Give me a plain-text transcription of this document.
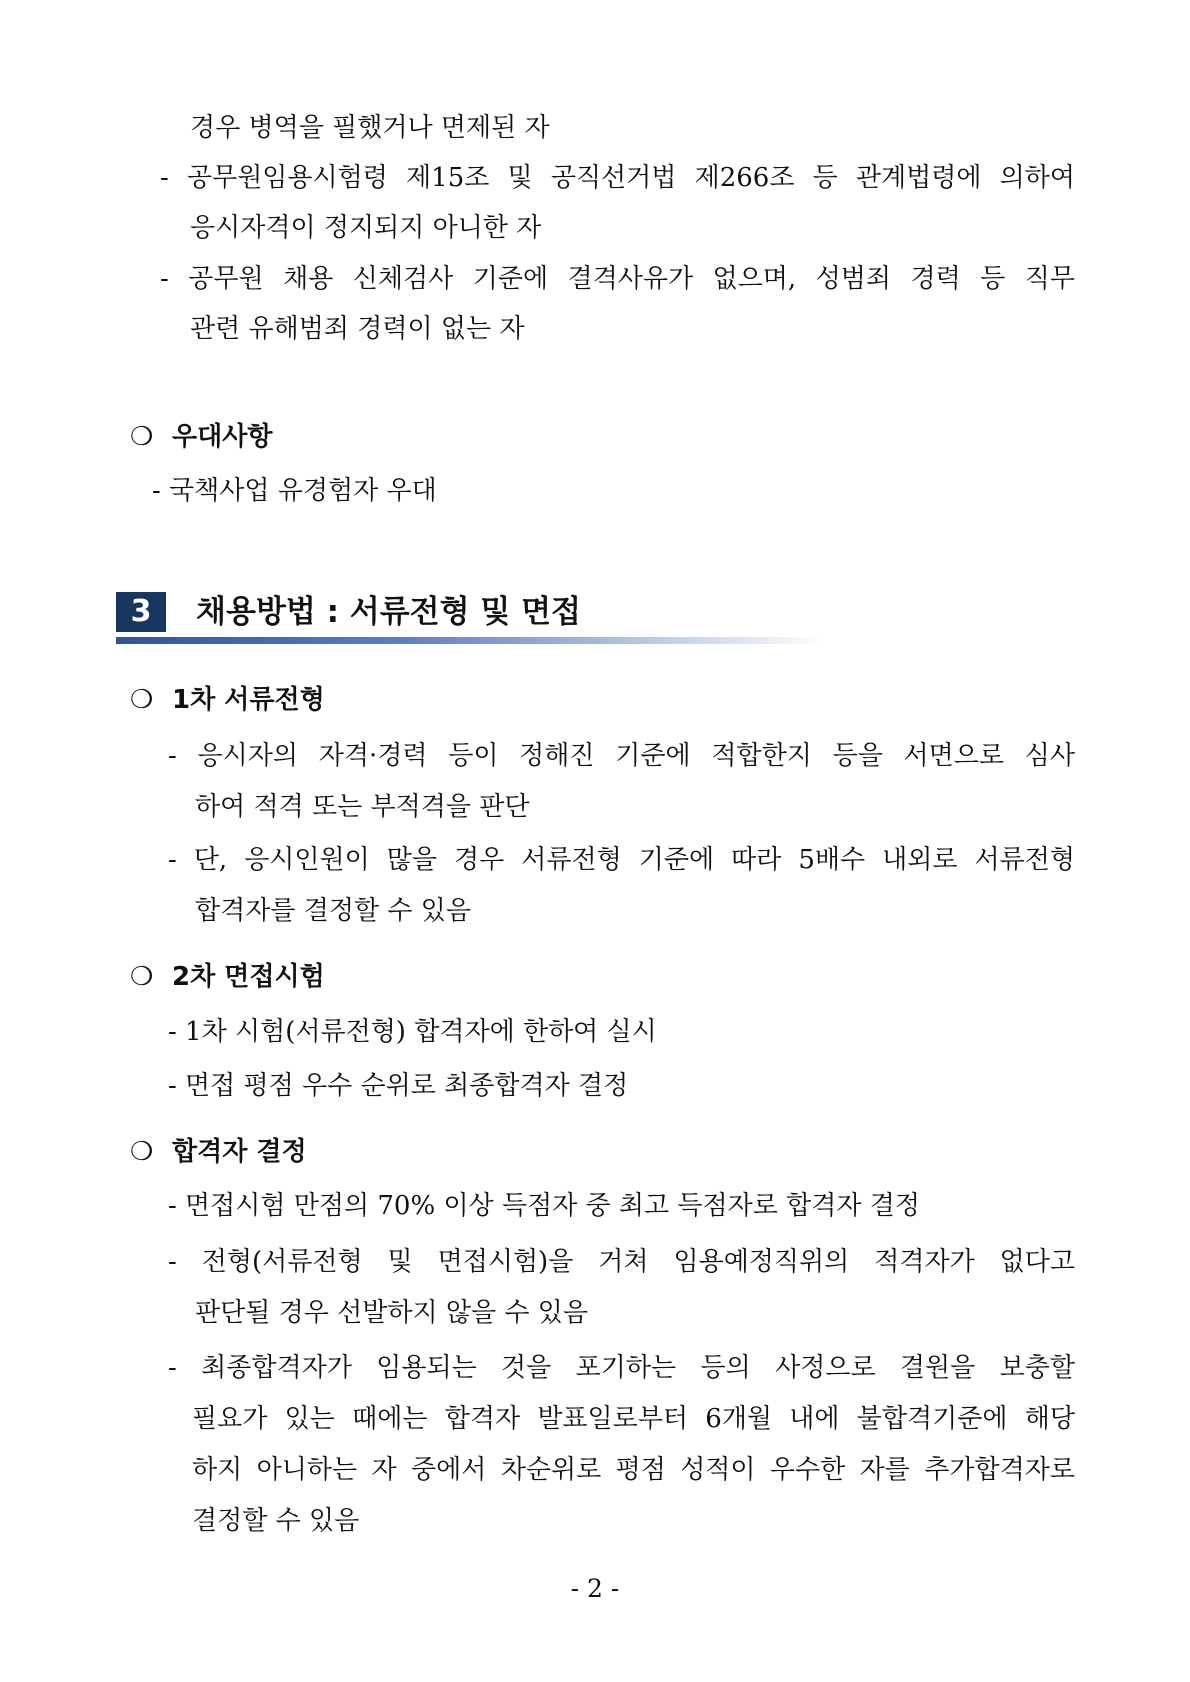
경우 병역을 필했거나 면제된 자
- 공무원임용시험령 제15조 및 공직선거법 제266조 등 관계법령에 의하여
응시자격이 정지되지 아니한 자
- 공무원 채용 신체검사 기준에 결격사유가 없으며, 성범죄 경력 등 직무
관련 유해범죄 경력이 없는 자
❍ 우대사항
- 국책사업 유경험자 우대
3	채용방법 : 서류전형 및 면접
❍ 1차 서류전형
- 응시자의 자격·경력 등이 정해진 기준에 적합한지 등을 서면으로 심사
하여 적격 또는 부적격을 판단
- 단, 응시인원이 많을 경우 서류전형 기준에 따라 5배수 내외로 서류전형
합격자를 결정할 수 있음
❍ 2차 면접시험
- 1차 시험(서류전형) 합격자에 한하여 실시
- 면접 평점 우수 순위로 최종합격자 결정
❍ 합격자 결정
- 면접시험 만점의 70% 이상 득점자 중 최고 득점자로 합격자 결정
- 전형(서류전형 및 면접시험)을 거쳐 임용예정직위의 적격자가 없다고
판단될 경우 선발하지 않을 수 있음
- 최종합격자가 임용되는 것을 포기하는 등의 사정으로 결원을 보충할
필요가 있는 때에는 합격자 발표일로부터 6개월 내에 불합격기준에 해당
하지 아니하는 자 중에서 차순위로 평점 성적이 우수한 자를 추가합격자로
결정할 수 있음
- 2 -
